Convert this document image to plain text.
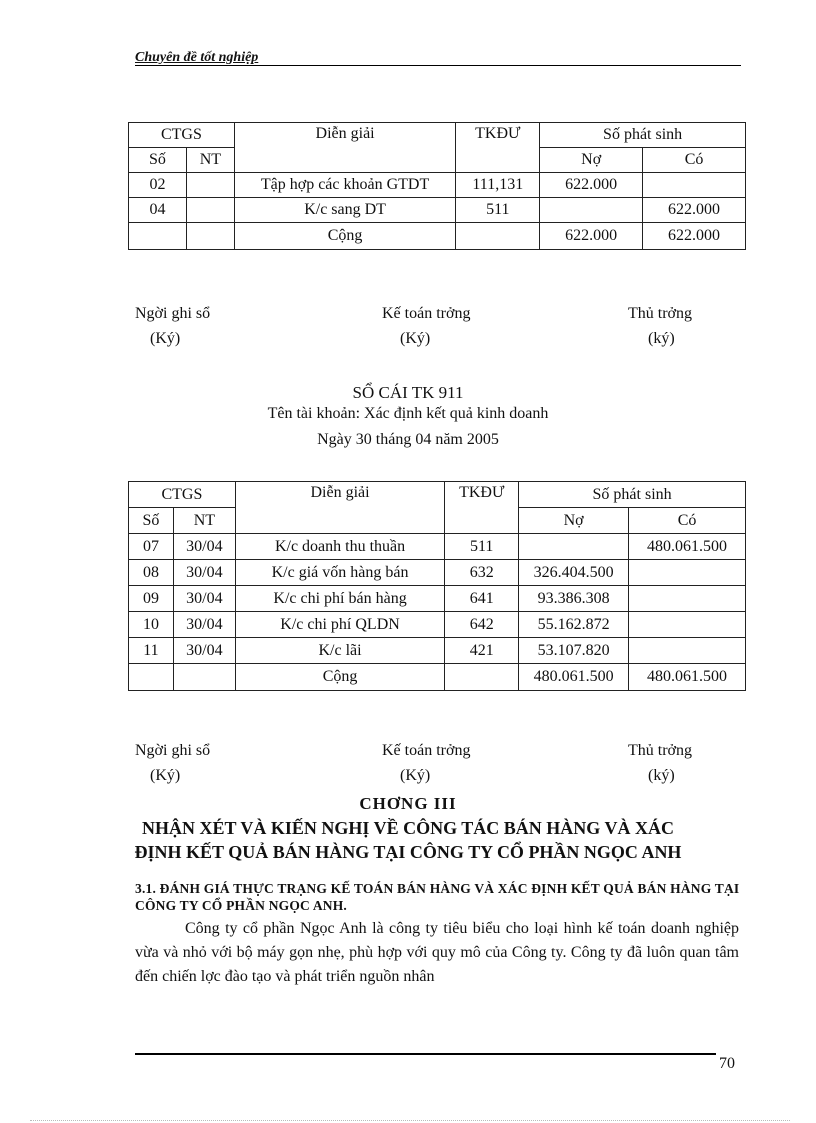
Chuyên đề tốt nghiệp
CTGS		Diễn giải	TKĐƯ	Số phát sinh	
Số	NT			Nợ	Có
02		Tập hợp các khoản GTDT	111,131	622.000	
04		K/c sang DT	511		622.000
		Cộng		622.000	622.000
Ngời ghi sổ
(Ký)
Kế toán trởng
(Ký)
Thủ trởng
(ký)
SỔ CÁI TK 911
Tên tài khoản: Xác định kết quả kinh doanh
Ngày 30 tháng 04 năm 2005
CTGS		Diễn giải	TKĐƯ	Số phát sinh	
Số	NT			Nợ	Có
07	30/04	K/c doanh thu thuần	511		480.061.500
08	30/04	K/c giá vốn hàng bán	632	326.404.500	
09	30/04	K/c chi phí bán hàng	641	93.386.308	
10	30/04	K/c chi phí QLDN	642	55.162.872	
11	30/04	K/c lãi	421	53.107.820	
		Cộng		480.061.500	480.061.500
Ngời ghi sổ
(Ký)
Kế toán trởng
(Ký)
Thủ trởng
(ký)
CHƠNG III
NHẬN XÉT VÀ KIẾN NGHỊ VỀ CÔNG TÁC BÁN HÀNG VÀ XÁC
ĐỊNH KẾT QUẢ BÁN HÀNG TẠI CÔNG TY CỔ PHẦN NGỌC ANH
3.1. ĐÁNH GIÁ THỰC TRẠNG KẾ TOÁN BÁN HÀNG VÀ XÁC ĐỊNH KẾT QUẢ BÁN HÀNG TẠI CÔNG TY CỔ PHẦN NGỌC ANH.
Công ty cổ phần Ngọc Anh là công ty tiêu biểu cho loại hình kế toán doanh nghiệp vừa và nhỏ với bộ máy gọn nhẹ, phù hợp với quy mô của Công ty. Công ty đã luôn quan tâm đến chiến lợc đào tạo và phát triển nguồn nhân
70
